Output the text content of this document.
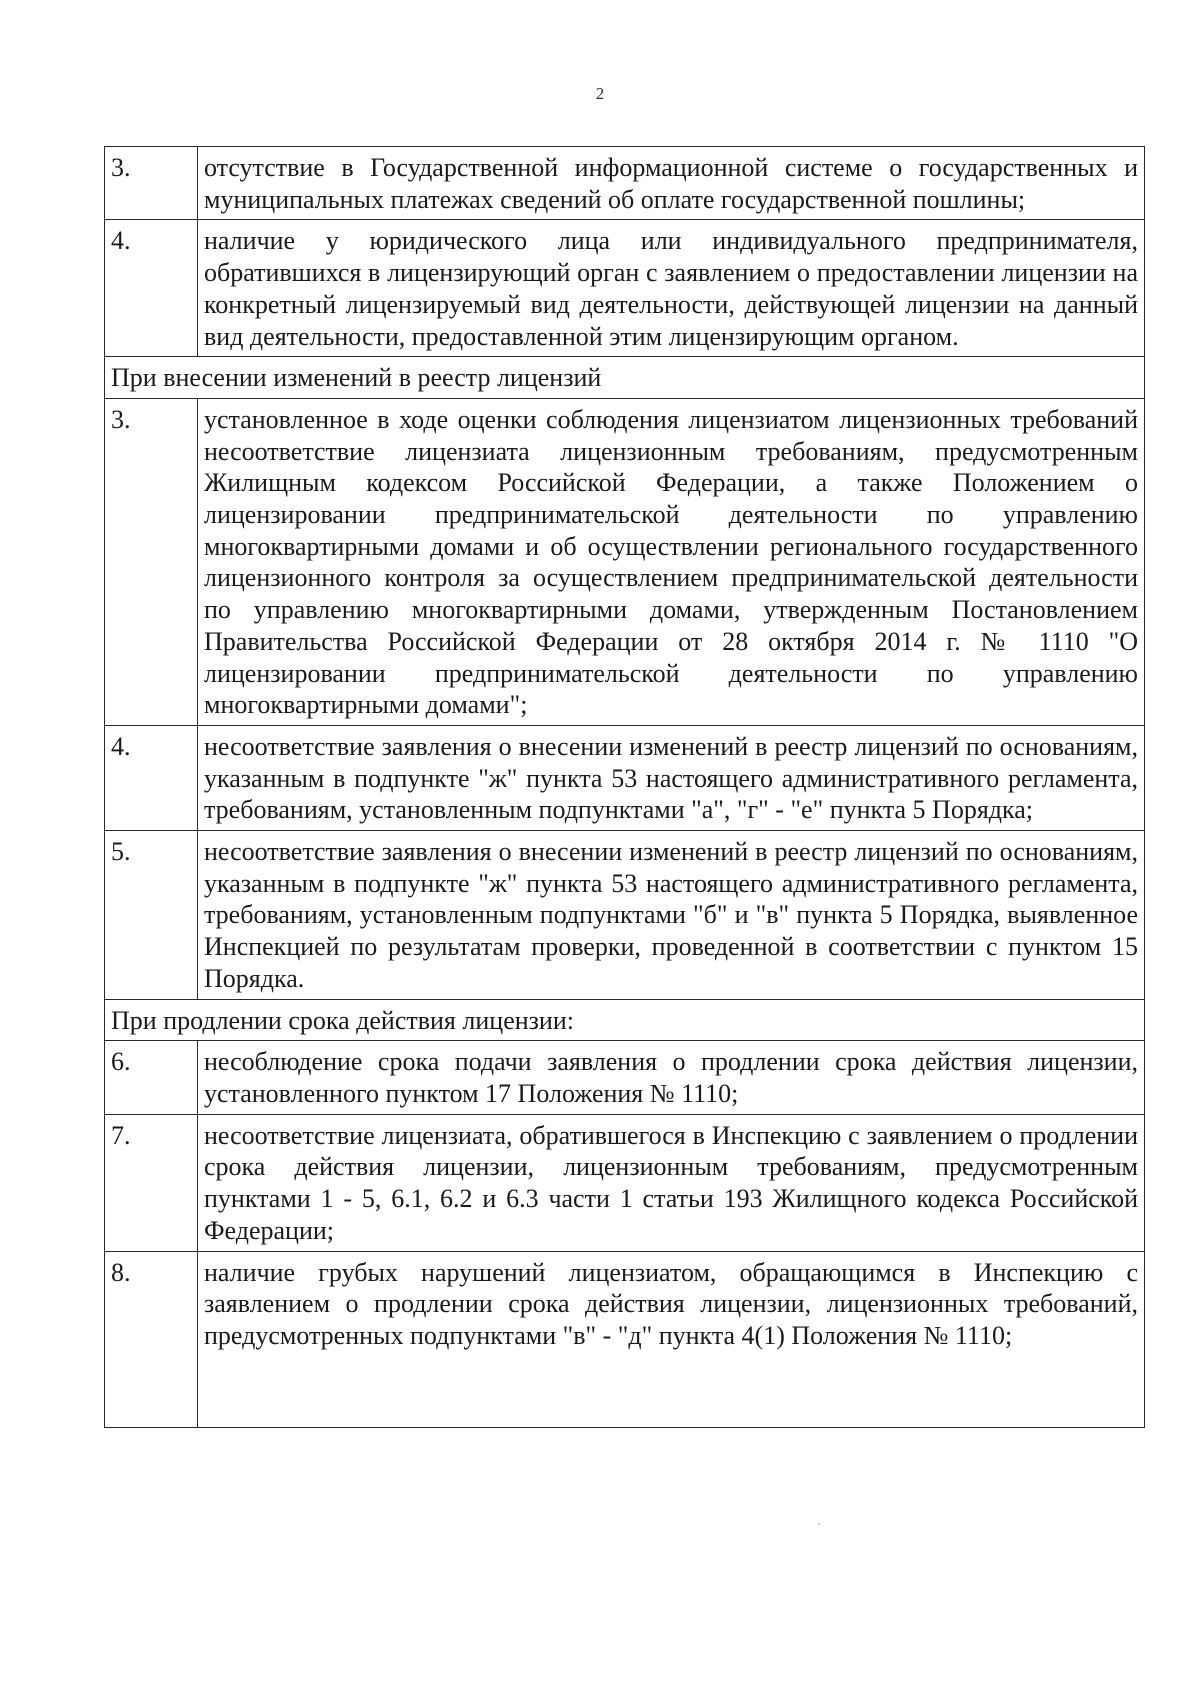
2
3.	отсутствие в Государственной информационной системе о государственных и муниципальных платежах сведений об оплате государственной пошлины;
4.	наличие у юридического лица или индивидуального предпринимателя, обратившихся в лицензирующий орган с заявлением о предоставлении лицензии на конкретный лицензируемый вид деятельности, действующей лицензии на данный вид деятельности, предоставленной этим лицензирующим органом.
При внесении изменений в реестр лицензий	
3.	установленное в ходе оценки соблюдения лицензиатом лицензионных требований несоответствие лицензиата лицензионным требованиям, предусмотренным Жилищным кодексом Российской Федерации, а также Положением о лицензировании предпринимательской деятельности по управлению многоквартирными домами и об осуществлении регионального государственного лицензионного контроля за осуществлением предпринимательской деятельности по управлению многоквартирными домами, утвержденным Постановлением Правительства Российской Федерации от 28 октября 2014 г. № 1110 "О лицензировании предпринимательской деятельности по управлению многоквартирными домами";
4.	несоответствие заявления о внесении изменений в реестр лицензий по основаниям, указанным в подпункте "ж" пункта 53 настоящего административного регламента, требованиям, установленным подпунктами "а", "г" - "е" пункта 5 Порядка;
5.	несоответствие заявления о внесении изменений в реестр лицензий по основаниям, указанным в подпункте "ж" пункта 53 настоящего административного регламента, требованиям, установленным подпунктами "б" и "в" пункта 5 Порядка, выявленное Инспекцией по результатам проверки, проведенной в соответствии с пунктом 15 Порядка.
При продлении срока действия лицензии:	
6.	несоблюдение срока подачи заявления о продлении срока действия лицензии, установленного пунктом 17 Положения № 1110;
7.	несоответствие лицензиата, обратившегося в Инспекцию с заявлением о продлении срока действия лицензии, лицензионным требованиям, предусмотренным пунктами 1 - 5, 6.1, 6.2 и 6.3 части 1 статьи 193 Жилищного кодекса Российской Федерации;
8.	наличие грубых нарушений лицензиатом, обращающимся в Инспекцию с заявлением о продлении срока действия лицензии, лицензионных требований, предусмотренных подпунктами "в" - "д" пункта 4(1) Положения № 1110;
